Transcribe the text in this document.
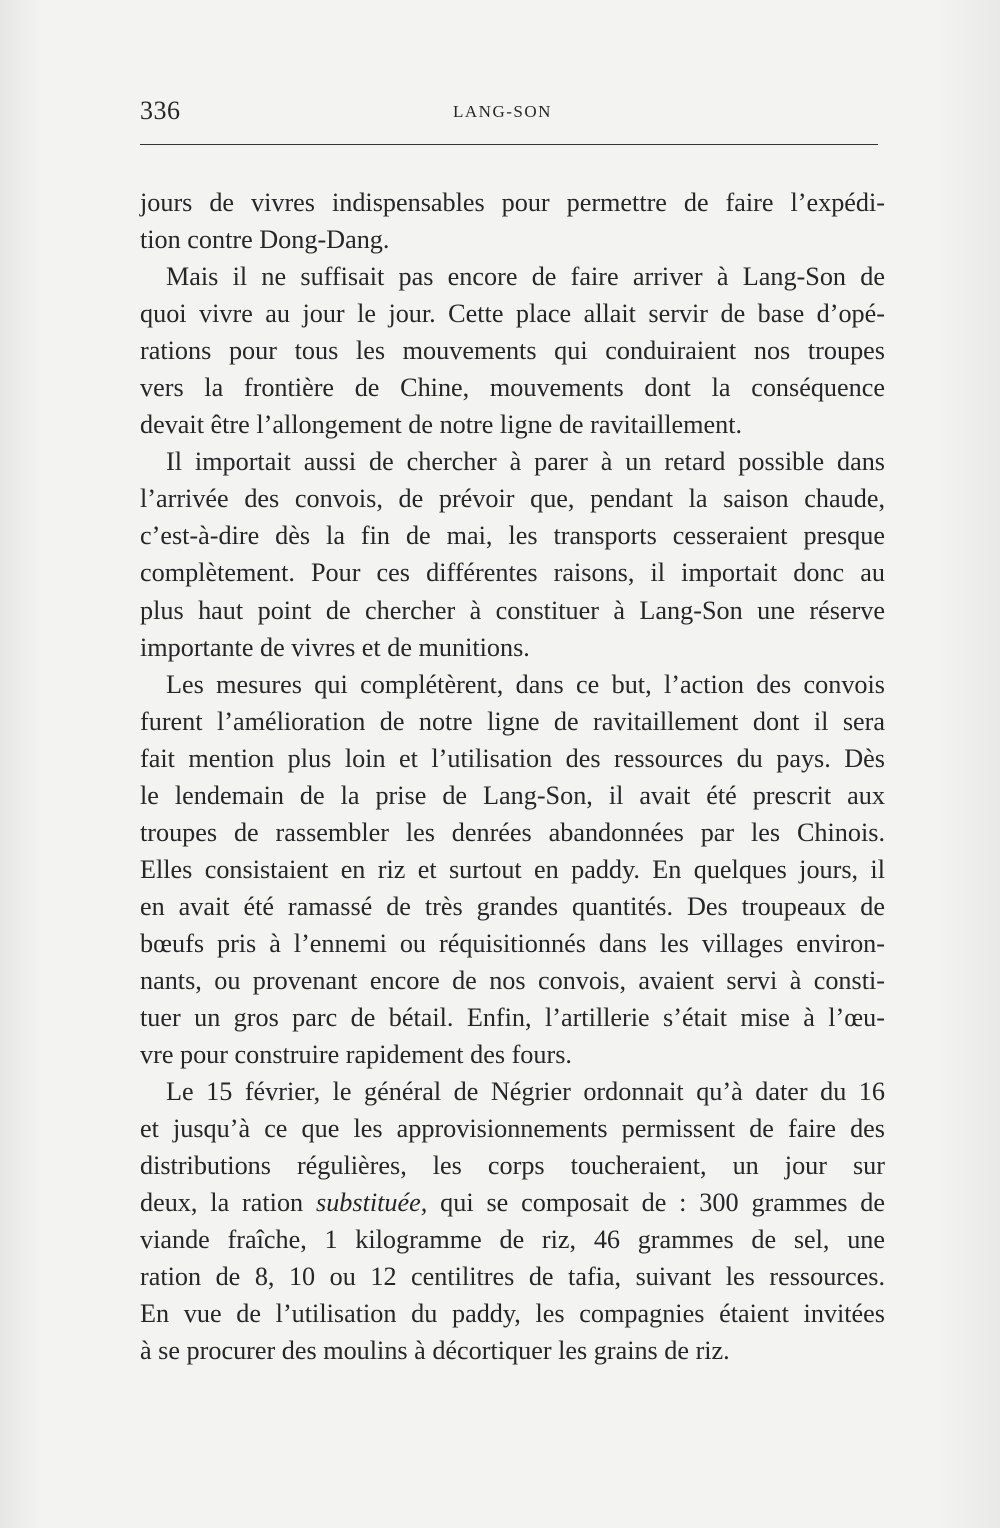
336	LANG-SON

jours de vivres indispensables pour permettre de faire l’expédi-
tion contre Dong-Dang.

Mais il ne suffisait pas encore de faire arriver à Lang-Son de
quoi vivre au jour le jour. Cette place allait servir de base d’opé-
rations pour tous les mouvements qui conduiraient nos troupes
vers la frontière de Chine, mouvements dont la conséquence
devait être l’allongement de notre ligne de ravitaillement.

Il importait aussi de chercher à parer à un retard possible dans
l’arrivée des convois, de prévoir que, pendant la saison chaude,
c’est-à-dire dès la fin de mai, les transports cesseraient presque
complètement. Pour ces différentes raisons, il importait donc au
plus haut point de chercher à constituer à Lang-Son une réserve
importante de vivres et de munitions.

Les mesures qui complétèrent, dans ce but, l’action des convois
furent l’amélioration de notre ligne de ravitaillement dont il sera
fait mention plus loin et l’utilisation des ressources du pays. Dès
le lendemain de la prise de Lang-Son, il avait été prescrit aux
troupes de rassembler les denrées abandonnées par les Chinois.
Elles consistaient en riz et surtout en paddy. En quelques jours, il
en avait été ramassé de très grandes quantités. Des troupeaux de
bœufs pris à l’ennemi ou réquisitionnés dans les villages environ-
nants, ou provenant encore de nos convois, avaient servi à consti-
tuer un gros parc de bétail. Enfin, l’artillerie s’était mise à l’œu-
vre pour construire rapidement des fours.

Le 15 février, le général de Négrier ordonnait qu’à dater du 16
et jusqu’à ce que les approvisionnements permissent de faire des
distributions régulières, les corps toucheraient, un jour sur
deux, la ration substituée, qui se composait de : 300 grammes de
viande fraîche, 1 kilogramme de riz, 46 grammes de sel, une
ration de 8, 10 ou 12 centilitres de tafia, suivant les ressources.
En vue de l’utilisation du paddy, les compagnies étaient invitées
à se procurer des moulins à décortiquer les grains de riz.
